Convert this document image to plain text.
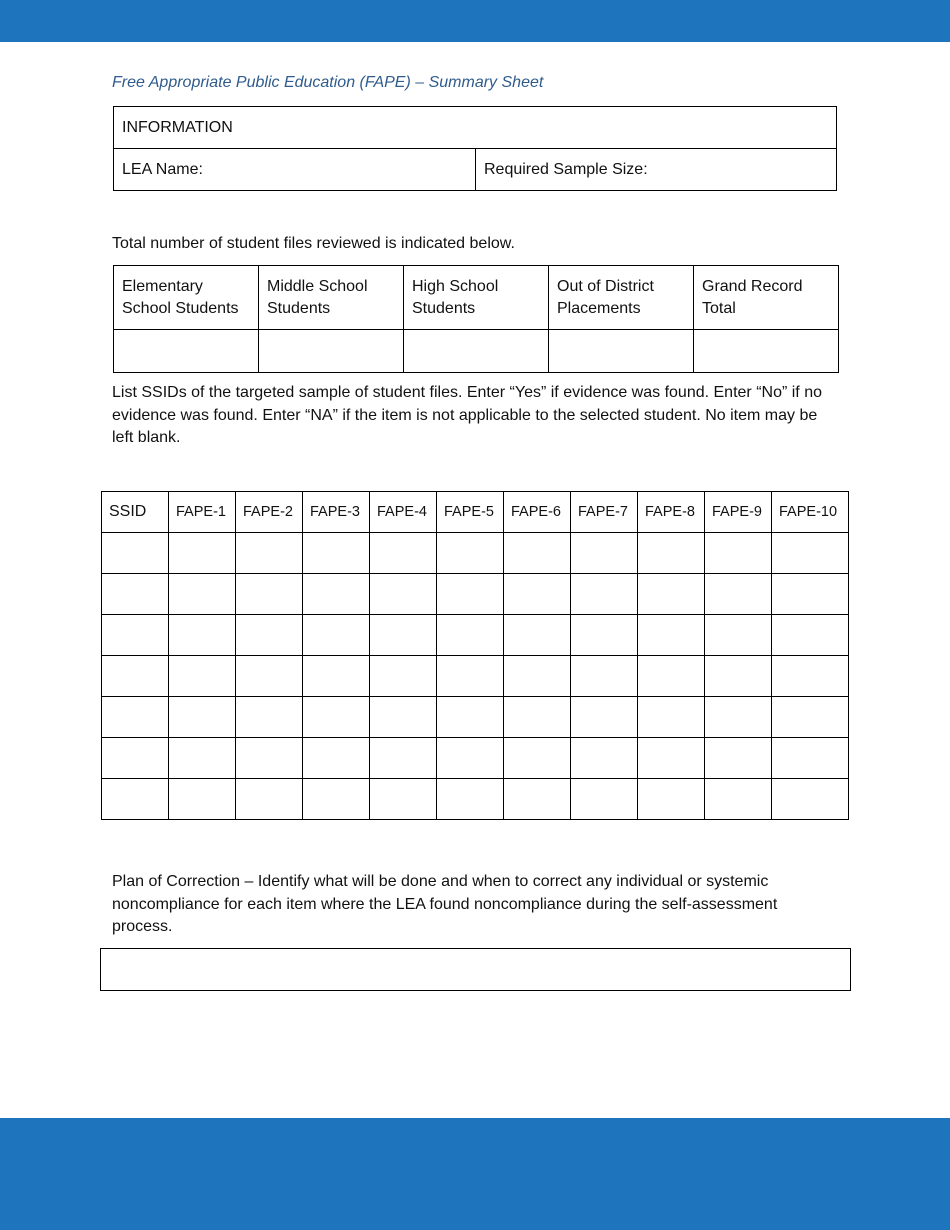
Free Appropriate Public Education (FAPE) – Summary Sheet
INFORMATION
LEA Name:	Required Sample Size:
Total number of student files reviewed is indicated below.
Elementary School Students	Middle School Students	High School Students	Out of District Placements	Grand Record Total

List SSIDs of the targeted sample of student files. Enter “Yes” if evidence was found. Enter “No” if no evidence was found. Enter “NA” if the item is not applicable to the selected student. No item may be left blank.
SSID	FAPE-1	FAPE-2	FAPE-3	FAPE-4	FAPE-5	FAPE-6	FAPE-7	FAPE-8	FAPE-9	FAPE-10

Plan of Correction – Identify what will be done and when to correct any individual or systemic noncompliance for each item where the LEA found noncompliance during the self-assessment process.
